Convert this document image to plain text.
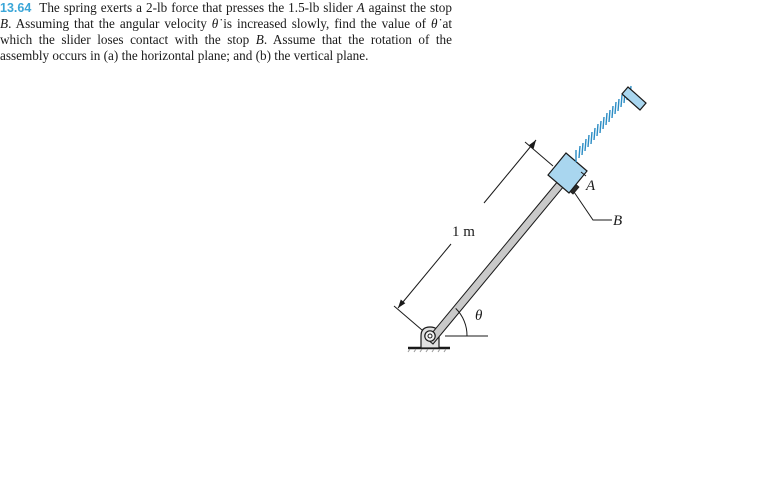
13.64 The spring exerts a 2-lb force that presses the 1.5-lb slider A against the stop B. Assuming that the angular velocity θ̇ is increased slowly, find the value of θ̇ at which the slider loses contact with the stop B. Assume that the rotation of the assembly occurs in (a) the horizontal plane; and (b) the vertical plane.
θ
1 m
A
B
